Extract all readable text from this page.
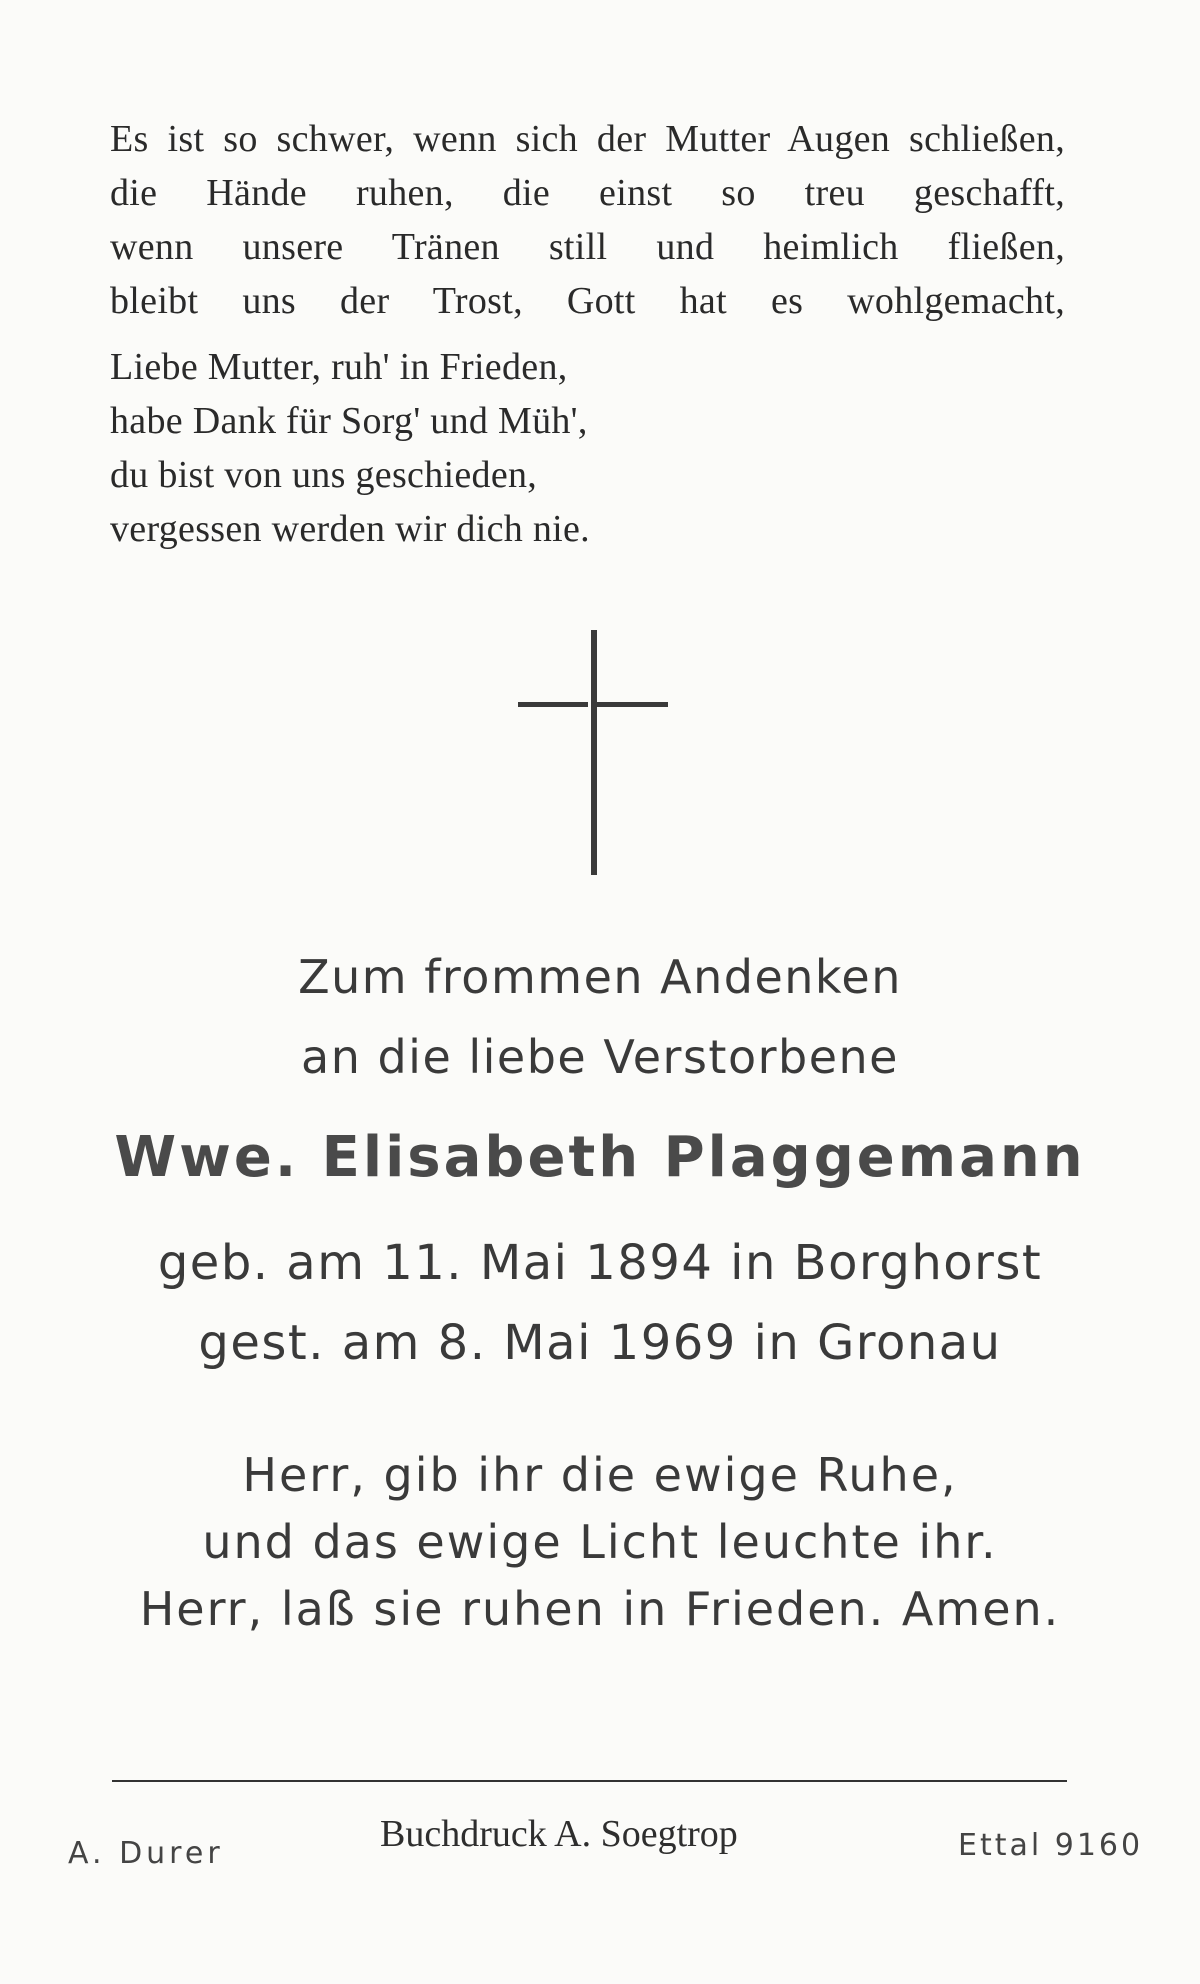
Es ist so schwer, wenn sich der Mutter Augen schließen,
die Hände ruhen, die einst so treu geschafft,
wenn unsere Tränen still und heimlich fließen,
bleibt uns der Trost, Gott hat es wohlgemacht,
Liebe Mutter, ruh' in Frieden,
habe Dank für Sorg' und Müh',
du bist von uns geschieden,
vergessen werden wir dich nie.
Zum frommen Andenken
an die liebe Verstorbene
Wwe. Elisabeth Plaggemann
geb. am 11. Mai 1894 in Borghorst
gest. am 8. Mai 1969 in Gronau
Herr, gib ihr die ewige Ruhe,
und das ewige Licht leuchte ihr.
Herr, laß sie ruhen in Frieden. Amen.
A. Durer	Buchdruck A. Soegtrop	Ettal 9160
